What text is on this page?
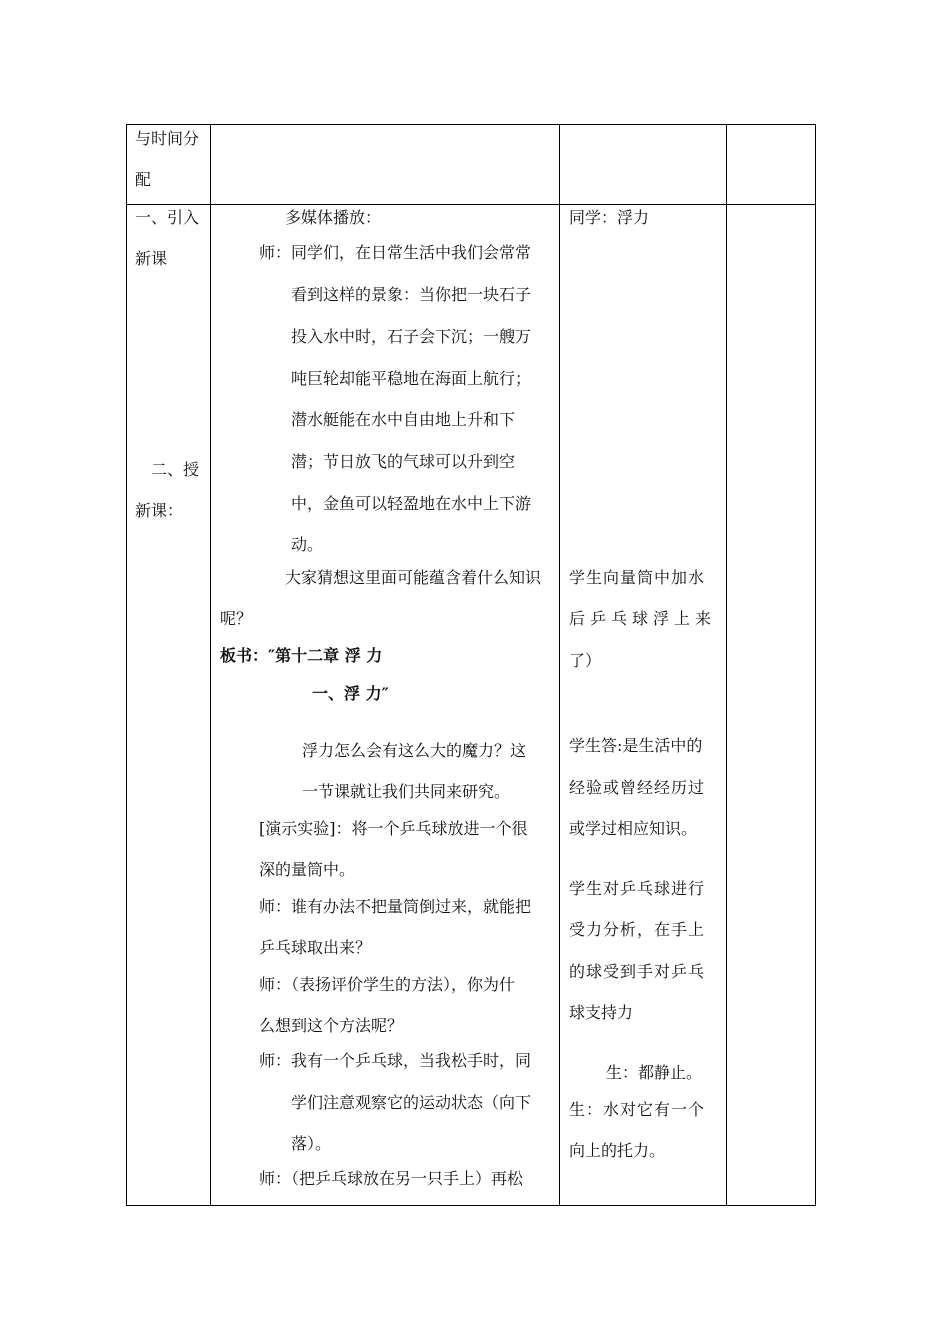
与时间分
配
一、引入
新课
二、授
新课：
多媒体播放：
师：同学们，在日常生活中我们会常常
看到这样的景象：当你把一块石子
投入水中时，石子会下沉；一艘万
吨巨轮却能平稳地在海面上航行；
潜水艇能在水中自由地上升和下
潜；节日放飞的气球可以升到空
中，金鱼可以轻盈地在水中上下游
动。
大家猜想这里面可能蕴含着什么知识
呢？
板书：″第十二章 浮 力
一、浮 力″
浮力怎么会有这么大的魔力？这
一节课就让我们共同来研究。
[演示实验]：将一个乒乓球放进一个很
深的量筒中。
师：谁有办法不把量筒倒过来，就能把
乒乓球取出来？
师：（表扬评价学生的方法），你为什
么想到这个方法呢？
师：我有一个乒乓球，当我松手时，同
学们注意观察它的运动状态（向下
落）。
师：（把乒乓球放在另一只手上）再松
同学：浮力
学生向量筒中加水
后乒乓球浮上来
了）
学生答:是生活中的
经验或曾经经历过
或学过相应知识。
学生对乒乓球进行
受力分析，在手上
的球受到手对乒乓
球支持力
生：都静止。
生：水对它有一个
向上的托力。
